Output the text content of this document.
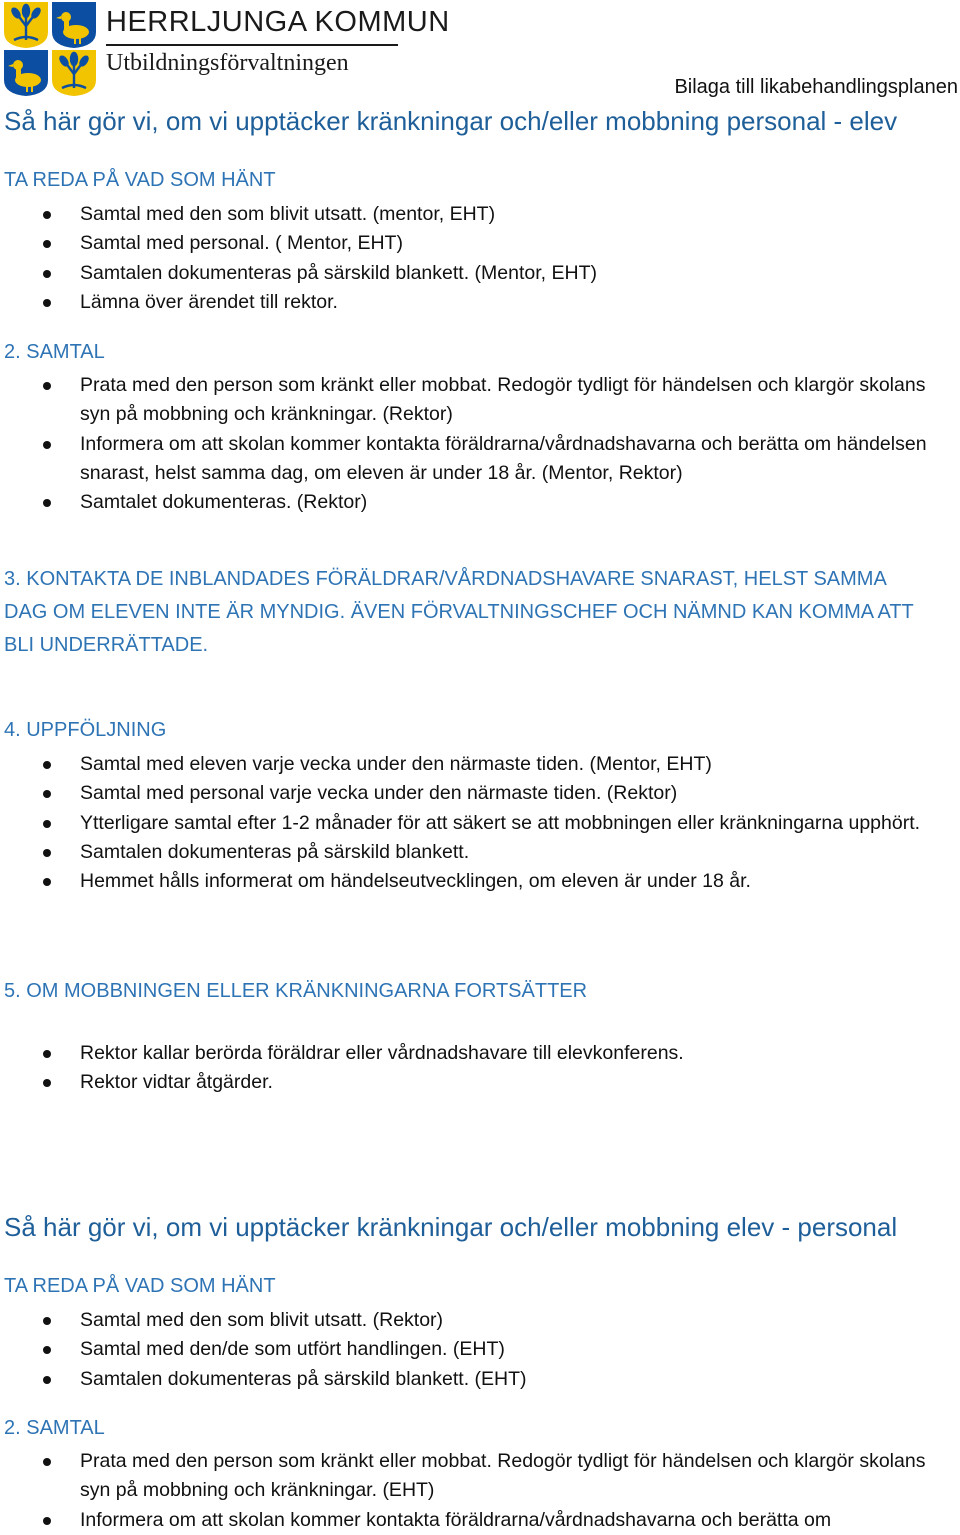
HERRLJUNGA KOMMUN
Utbildningsförvaltningen
Bilaga till likabehandlingsplanen
Så här gör vi, om vi upptäcker kränkningar och/eller mobbning personal - elev
TA REDA PÅ VAD SOM HÄNT
Samtal med den som blivit utsatt. (mentor, EHT)
Samtal med personal. ( Mentor, EHT)
Samtalen dokumenteras på särskild blankett. (Mentor, EHT)
Lämna över ärendet till rektor.
2. SAMTAL
Prata med den person som kränkt eller mobbat. Redogör tydligt för händelsen och klargör skolans syn på mobbning och kränkningar. (Rektor)
Informera om att skolan kommer kontakta föräldrarna/vårdnadshavarna och berätta om händelsen snarast, helst samma dag, om eleven är under 18 år. (Mentor, Rektor)
Samtalet dokumenteras. (Rektor)
3. KONTAKTA DE INBLANDADES FÖRÄLDRAR/VÅRDNADSHAVARE SNARAST, HELST SAMMA DAG OM ELEVEN INTE ÄR MYNDIG. ÄVEN FÖRVALTNINGSCHEF OCH NÄMND KAN KOMMA ATT BLI UNDERRÄTTADE.
4. UPPFÖLJNING
Samtal med eleven varje vecka under den närmaste tiden. (Mentor, EHT)
Samtal med personal varje vecka under den närmaste tiden. (Rektor)
Ytterligare samtal efter 1-2 månader för att säkert se att mobbningen eller kränkningarna upphört.
Samtalen dokumenteras på särskild blankett.
Hemmet hålls informerat om händelseutvecklingen, om eleven är under 18 år.
5. OM MOBBNINGEN ELLER KRÄNKNINGARNA FORTSÄTTER
Rektor kallar berörda föräldrar eller vårdnadshavare till elevkonferens.
Rektor vidtar åtgärder.
Så här gör vi, om vi upptäcker kränkningar och/eller mobbning elev - personal
TA REDA PÅ VAD SOM HÄNT
Samtal med den som blivit utsatt. (Rektor)
Samtal med den/de som utfört handlingen. (EHT)
Samtalen dokumenteras på särskild blankett. (EHT)
2. SAMTAL
Prata med den person som kränkt eller mobbat. Redogör tydligt för händelsen och klargör skolans syn på mobbning och kränkningar. (EHT)
Informera om att skolan kommer kontakta föräldrarna/vårdnadshavarna och berätta om
